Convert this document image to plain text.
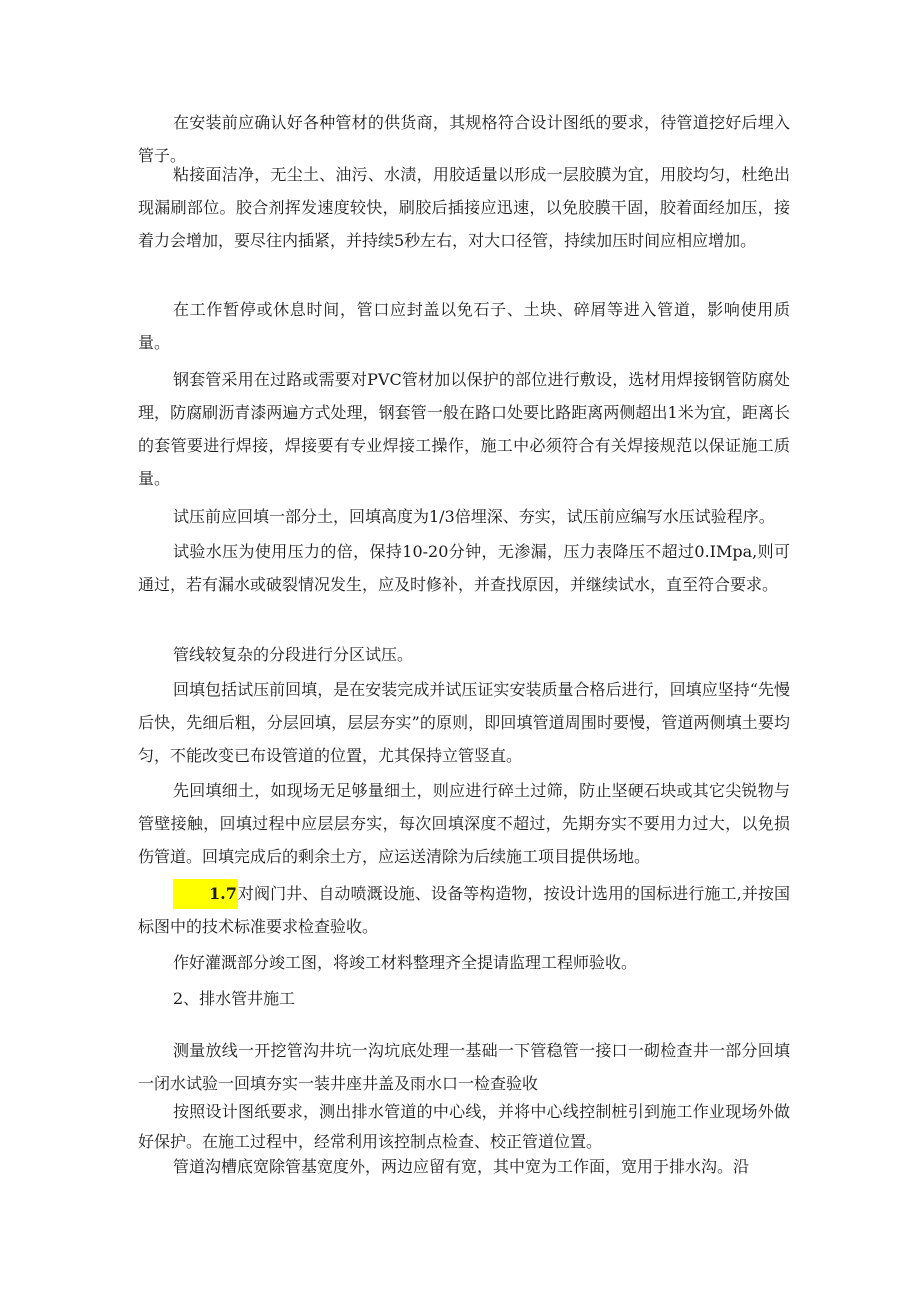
在安装前应确认好各种管材的供货商，其规格符合设计图纸的要求，待管道挖好后埋入管子。

粘接面洁净，无尘土、油污、水渍，用胶适量以形成一层胶膜为宜，用胶均匀，杜绝出现漏刷部位。胶合剂挥发速度较快，刷胶后插接应迅速，以免胶膜干固，胶着面经加压，接着力会增加，要尽往内插紧，并持续5秒左右，对大口径管，持续加压时间应相应增加。

在工作暂停或休息时间，管口应封盖以免石子、土块、碎屑等进入管道，影响使用质量。

钢套管采用在过路或需要对PVC管材加以保护的部位进行敷设，选材用焊接钢管防腐处理，防腐刷沥青漆两遍方式处理，钢套管一般在路口处要比路距离两侧超出1米为宜，距离长的套管要进行焊接，焊接要有专业焊接工操作，施工中必须符合有关焊接规范以保证施工质量。

试压前应回填一部分土，回填高度为1/3倍埋深、夯实，试压前应编写水压试验程序。

试验水压为使用压力的倍，保持10-20分钟，无渗漏，压力表降压不超过0.IMpa,则可通过，若有漏水或破裂情况发生，应及时修补，并查找原因，并继续试水，直至符合要求。

管线较复杂的分段进行分区试压。

回填包括试压前回填，是在安装完成并试压证实安装质量合格后进行，回填应坚持“先慢后快，先细后粗，分层回填，层层夯实”的原则，即回填管道周围时要慢，管道两侧填土要均匀，不能改变已布设管道的位置，尤其保持立管竖直。

先回填细土，如现场无足够量细土，则应进行碎土过筛，防止坚硬石块或其它尖锐物与管壁接触，回填过程中应层层夯实，每次回填深度不超过，先期夯实不要用力过大，以免损伤管道。回填完成后的剩余土方，应运送清除为后续施工项目提供场地。

1.7对阀门井、自动喷溉设施、设备等构造物，按设计选用的国标进行施工,并按国标图中的技术标准要求检查验收。

作好灌溉部分竣工图，将竣工材料整理齐全提请监理工程师验收。

2、排水管井施工

测量放线一开挖管沟井坑一沟坑底处理一基础一下管稳管一接口一砌检查井一部分回填一闭水试验一回填夯实一装井座井盖及雨水口一检查验收

按照设计图纸要求，测出排水管道的中心线，并将中心线控制桩引到施工作业现场外做好保护。在施工过程中，经常利用该控制点检查、校正管道位置。

管道沟槽底宽除管基宽度外，两边应留有宽，其中宽为工作面，宽用于排水沟。沿
